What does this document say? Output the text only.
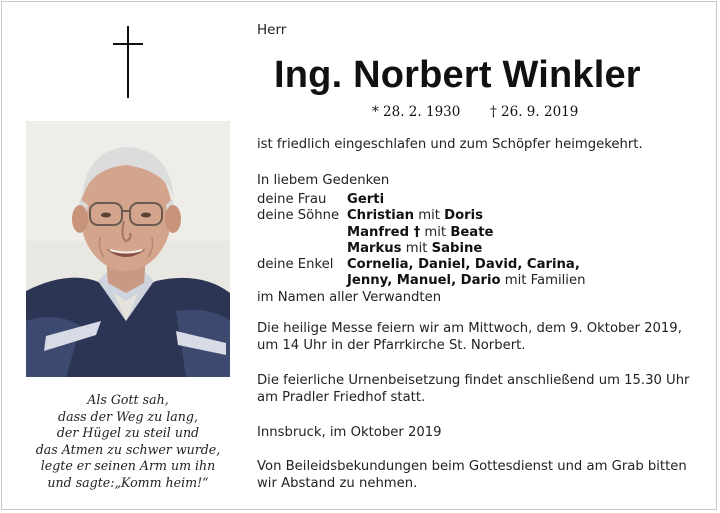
Als Gott sah,
dass der Weg zu lang,
der Hügel zu steil und
das Atmen zu schwer wurde,
legte er seinen Arm um ihn
und sagte:„Komm heim!“
Herr
Ing. Norbert Winkler
* 28. 2. 1930 † 26. 9. 2019
ist friedlich eingeschlafen und zum Schöpfer heimgekehrt.
In liebem Gedenken
deine Frau Gerti
deine Söhne Christian mit Doris
Manfred † mit Beate
Markus mit Sabine
deine Enkel Cornelia, Daniel, David, Carina,
Jenny, Manuel, Dario mit Familien
im Namen aller Verwandten
Die heilige Messe feiern wir am Mittwoch, dem 9. Oktober 2019,
um 14 Uhr in der Pfarrkirche St. Norbert.
Die feierliche Urnenbeisetzung findet anschließend um 15.30 Uhr
am Pradler Friedhof statt.
Innsbruck, im Oktober 2019
Von Beileidsbekundungen beim Gottesdienst und am Grab bitten
wir Abstand zu nehmen.
